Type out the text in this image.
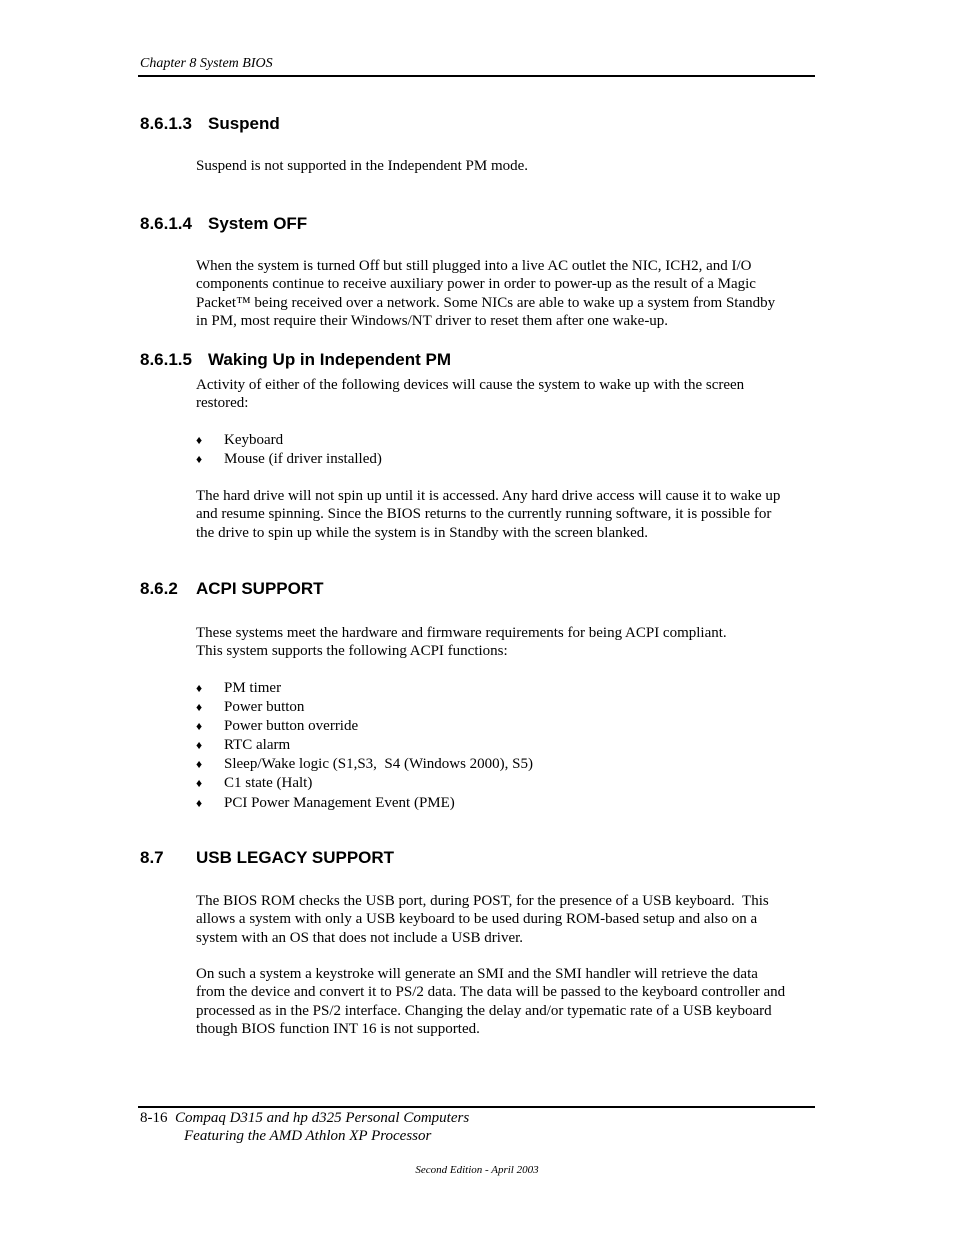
Chapter 8 System BIOS
8.6.1.3 Suspend
Suspend is not supported in the Independent PM mode.
8.6.1.4 System OFF
When the system is turned Off but still plugged into a live AC outlet the NIC, ICH2, and I/O
components continue to receive auxiliary power in order to power-up as the result of a Magic
Packet™ being received over a network. Some NICs are able to wake up a system from Standby
in PM, most require their Windows/NT driver to reset them after one wake-up.
8.6.1.5 Waking Up in Independent PM
Activity of either of the following devices will cause the system to wake up with the screen
restored:
♦ Keyboard
♦ Mouse (if driver installed)
The hard drive will not spin up until it is accessed. Any hard drive access will cause it to wake up
and resume spinning. Since the BIOS returns to the currently running software, it is possible for
the drive to spin up while the system is in Standby with the screen blanked.
8.6.2 ACPI SUPPORT
These systems meet the hardware and firmware requirements for being ACPI compliant.
This system supports the following ACPI functions:
♦ PM timer
♦ Power button
♦ Power button override
♦ RTC alarm
♦ Sleep/Wake logic (S1,S3,  S4 (Windows 2000), S5)
♦ C1 state (Halt)
♦ PCI Power Management Event (PME)
8.7 USB LEGACY SUPPORT
The BIOS ROM checks the USB port, during POST, for the presence of a USB keyboard.  This
allows a system with only a USB keyboard to be used during ROM-based setup and also on a
system with an OS that does not include a USB driver.
On such a system a keystroke will generate an SMI and the SMI handler will retrieve the data
from the device and convert it to PS/2 data. The data will be passed to the keyboard controller and
processed as in the PS/2 interface. Changing the delay and/or typematic rate of a USB keyboard
though BIOS function INT 16 is not supported.
8-16 Compaq D315 and hp d325 Personal Computers
Featuring the AMD Athlon XP Processor
Second Edition - April 2003
